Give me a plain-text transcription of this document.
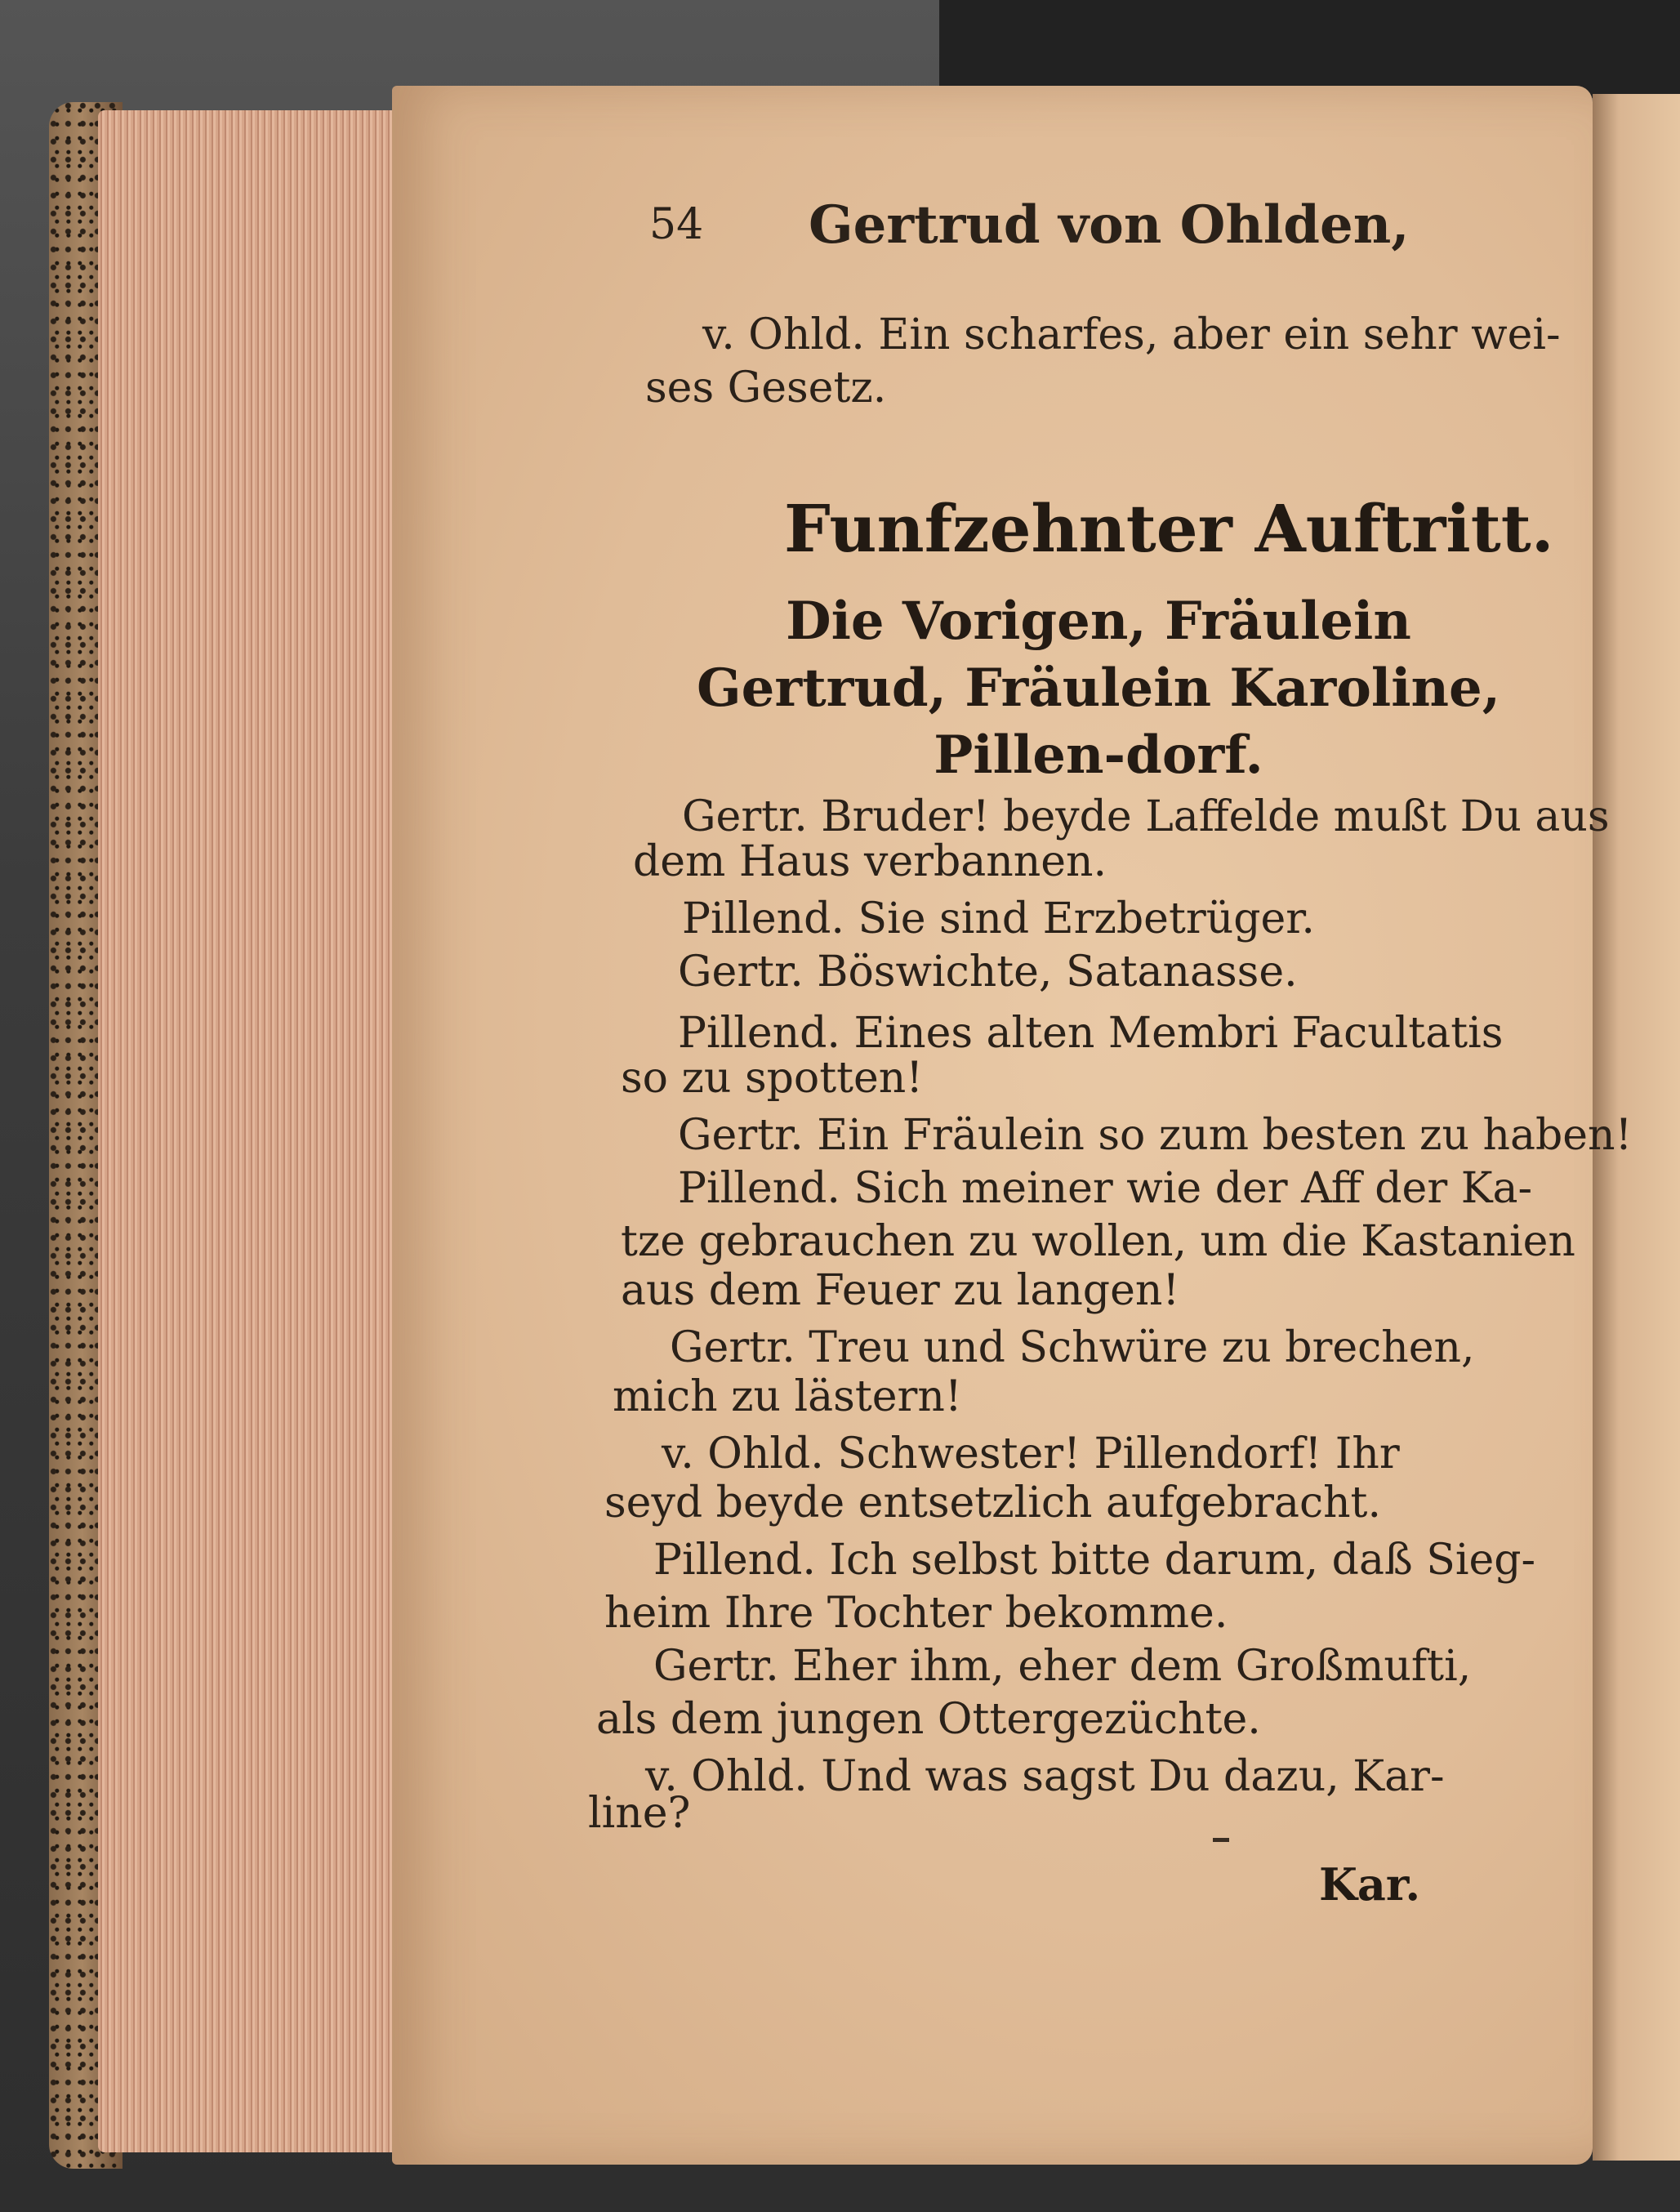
54 Gertrud von Ohlden,
v. Ohld. Ein scharfes, aber ein sehr wei-
ses Gesetz.
Funfzehnter Auftritt.
Die Vorigen, Fräulein Gertrud, Fräulein Karoline, Pillen-dorf.
Gertr. Bruder! beyde Laffelde mußt Du aus
dem Haus verbannen.
Pillend. Sie sind Erzbetrüger.
Gertr. Böswichte, Satanasse.
Pillend. Eines alten Membri Facultatis
so zu spotten!
Gertr. Ein Fräulein so zum besten zu haben!
Pillend. Sich meiner wie der Aff der Ka-
tze gebrauchen zu wollen, um die Kastanien
aus dem Feuer zu langen!
Gertr. Treu und Schwüre zu brechen,
mich zu lästern!
v. Ohld. Schwester! Pillendorf! Ihr
seyd beyde entsetzlich aufgebracht.
Pillend. Ich selbst bitte darum, daß Sieg-
heim Ihre Tochter bekomme.
Gertr. Eher ihm, eher dem Großmufti,
als dem jungen Ottergezüchte.
v. Ohld. Und was sagst Du dazu, Kar-
line?
Kar.
